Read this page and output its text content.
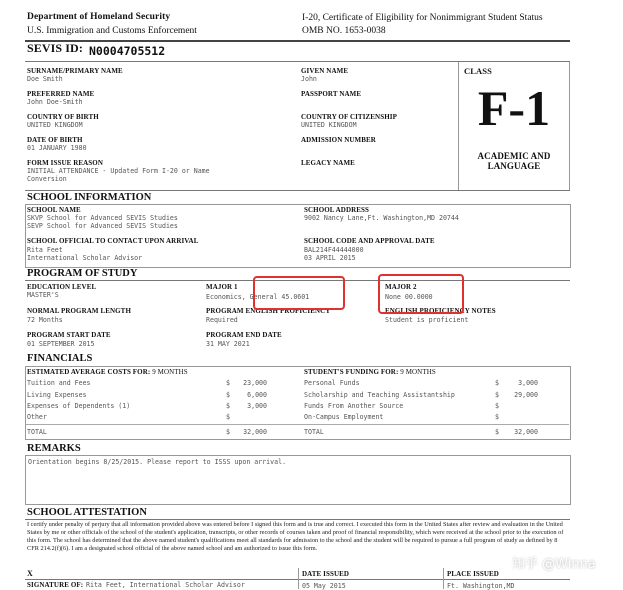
Department of Homeland Security
U.S. Immigration and Customs Enforcement
I-20, Certificate of Eligibility for Nonimmigrant Student Status
OMB NO. 1653-0038
SEVIS ID: N0004705512
SURNAME/PRIMARY NAME
Doe Smith
GIVEN NAME
John
PREFERRED NAME
John Doe-Smith
PASSPORT NAME
COUNTRY OF BIRTH
UNITED KINGDOM
COUNTRY OF CITIZENSHIP
UNITED KINGDOM
DATE OF BIRTH
01 JANUARY 1980
ADMISSION NUMBER
FORM ISSUE REASON
INITIAL ATTENDANCE - Updated Form I-20 or Name
Conversion
LEGACY NAME
CLASS
F-1
ACADEMIC AND
LANGUAGE
SCHOOL INFORMATION
SCHOOL NAME
SKVP School for Advanced SEVIS Studies
SEVP School for Advanced SEVIS Studies
SCHOOL ADDRESS
9002 Nancy Lane,Ft. Washington,MD 20744
SCHOOL OFFICIAL TO CONTACT UPON ARRIVAL
Rita Feet
International Scholar Advisor
SCHOOL CODE AND APPROVAL DATE
BAL214F44444000
03 APRIL 2015
PROGRAM OF STUDY
EDUCATION LEVEL
MASTER'S
MAJOR 1
Economics, General 45.0601
MAJOR 2
None 00.0000
NORMAL PROGRAM LENGTH
72 Months
PROGRAM ENGLISH PROFICIENCY
Required
ENGLISH PROFICIENCY NOTES
Student is proficient
PROGRAM START DATE
01 SEPTEMBER 2015
PROGRAM END DATE
31 MAY 2021
FINANCIALS
ESTIMATED AVERAGE COSTS FOR: 9 MONTHS	STUDENT'S FUNDING FOR: 9 MONTHS
Tuition and Fees	$	23,000
Living Expenses	$	6,000
Expenses of Dependents (1)	$	3,000
Other	$
TOTAL	$	32,000
Personal Funds	$	3,000
Scholarship and Teaching Assistantship	$	29,000
Funds From Another Source	$
On-Campus Employment	$
TOTAL	$	32,000
REMARKS
Orientation begins 8/25/2015. Please report to ISSS upon arrival.
SCHOOL ATTESTATION
I certify under penalty of perjury that all information provided above was entered before I signed this form and is true and correct. I executed this form in the United States after review and evaluation in the United States by me or other officials of the school of the student's application, transcripts, or other records of courses taken and proof of financial responsibility, which were received at the school prior to the execution of this form. The school has determined that the above named student's qualifications meet all standards for admission to the school and the student will be required to pursue a full program of study as defined by 8 CFR 214.2(f)(6). I am a designated school official of the above named school and am authorized to issue this form.
X
SIGNATURE OF: Rita Feet, International Scholar Advisor
DATE ISSUED
05 May 2015
PLACE ISSUED
Ft. Washington,MD
知乎 @Winna
